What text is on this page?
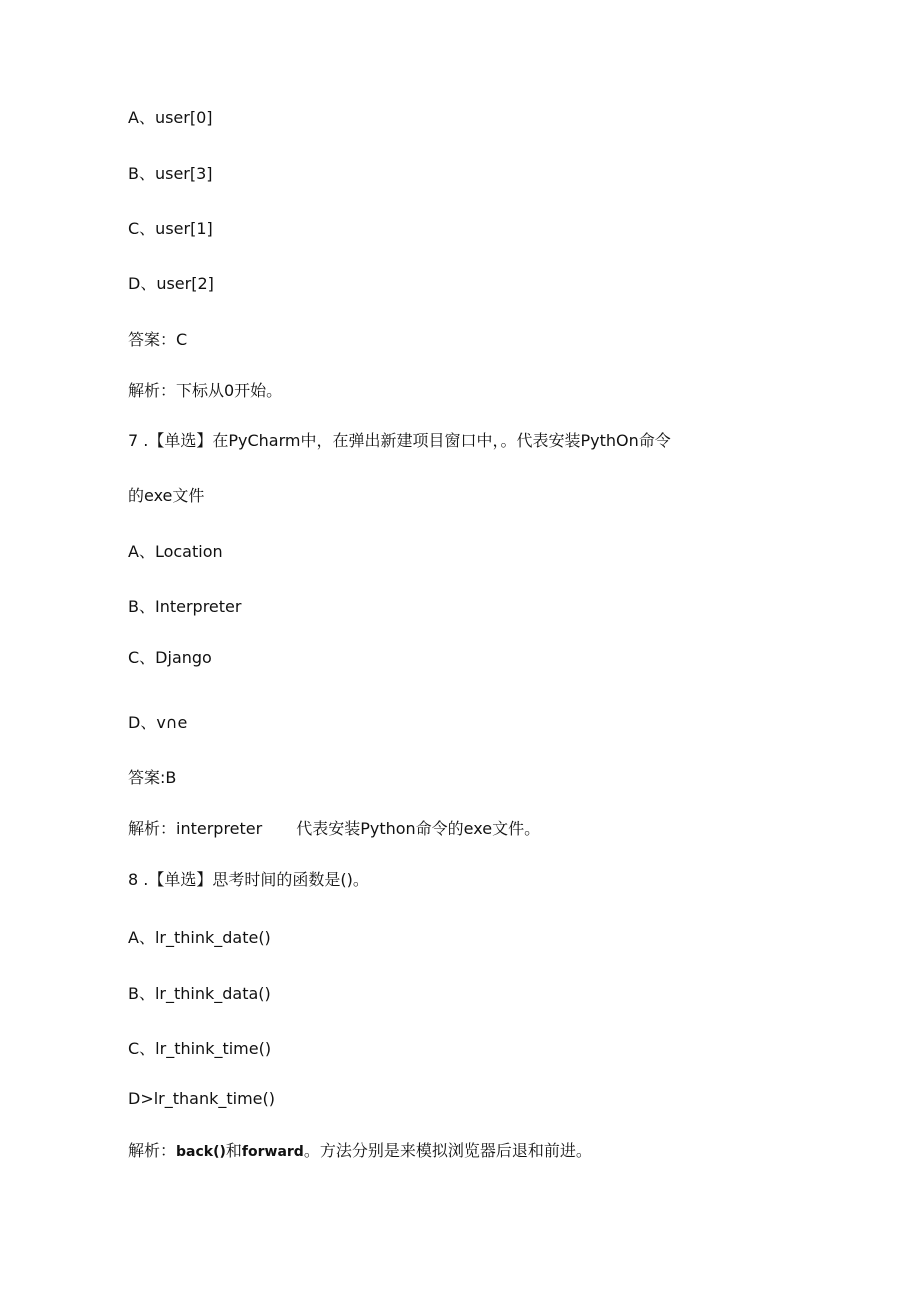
A、user[0]
B、user[3]
C、user[1]
D、user[2]
答案：C
解析：下标从0开始。
7 .【单选】在PyCharm中，在弹出新建项目窗口中，。代表安装PythOn命令
的exe文件
A、Location
B、Interpreter
C、Django
D、v∩e
答案:B
解析：interpreter 代表安装Python命令的exe文件。
8 .【单选】思考时间的函数是()。
A、lr_think_date()
B、lr_think_data()
C、lr_think_time()
D>lr_thank_time()
解析：back()和forward。方法分别是来模拟浏览器后退和前进。
